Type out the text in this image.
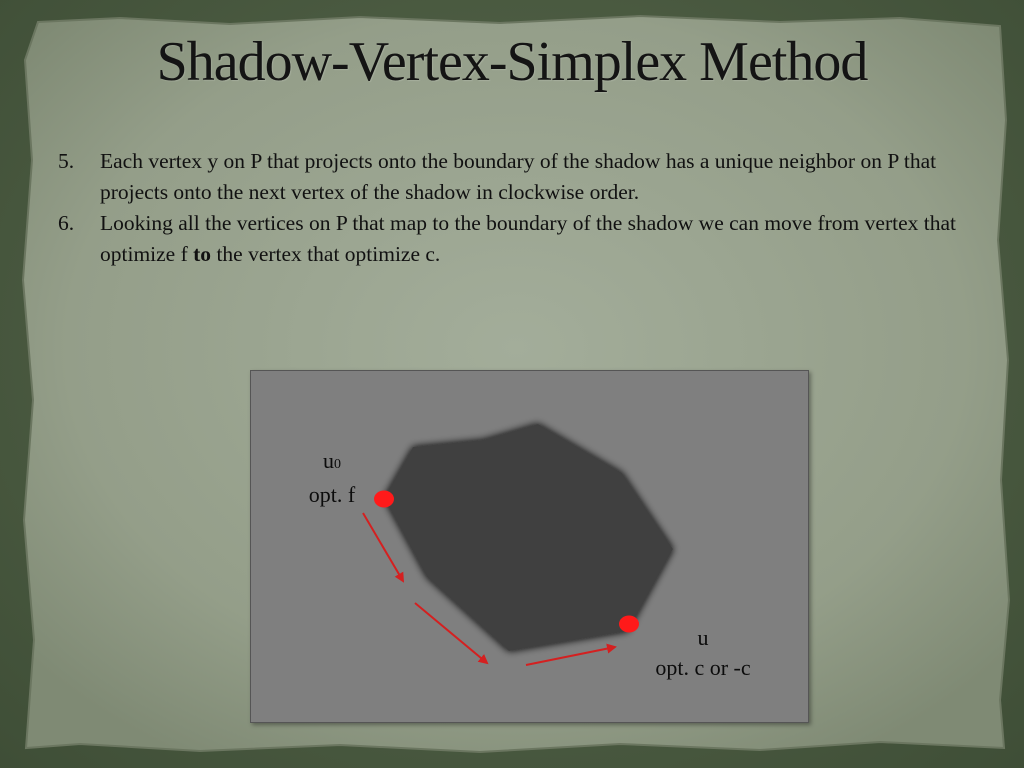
Shadow-Vertex-Simplex Method
5.	Each vertex y on P that projects onto the boundary of the shadow has a unique neighbor on P that projects onto the next vertex of the shadow in clockwise order.
6.	Looking all the vertices on P that map to the boundary of the shadow we can move from vertex that optimize f to the vertex that optimize c.
u0
opt. f
u
opt. c or -c
